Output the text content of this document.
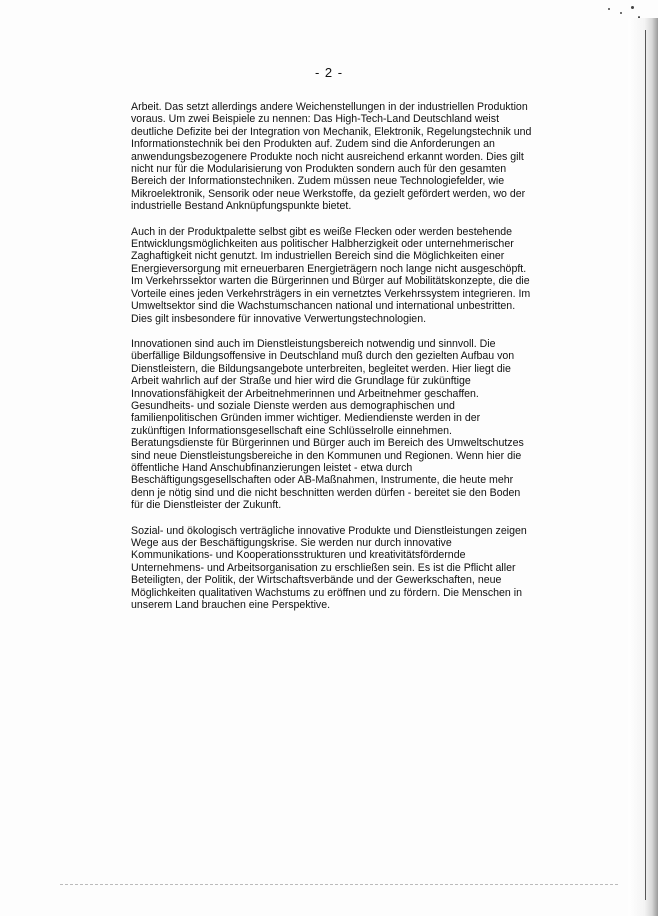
- 2 -

Arbeit. Das setzt allerdings andere Weichenstellungen in der industriellen Produktion
voraus. Um zwei Beispiele zu nennen: Das High-Tech-Land Deutschland weist
deutliche Defizite bei der Integration von Mechanik, Elektronik, Regelungstechnik und
Informationstechnik bei den Produkten auf. Zudem sind die Anforderungen an
anwendungsbezogenere Produkte noch nicht ausreichend erkannt worden. Dies gilt
nicht nur für die Modularisierung von Produkten sondern auch für den gesamten
Bereich der Informationstechniken. Zudem müssen neue Technologiefelder, wie
Mikroelektronik, Sensorik oder neue Werkstoffe, da gezielt gefördert werden, wo der
industrielle Bestand Anknüpfungspunkte bietet.

Auch in der Produktpalette selbst gibt es weiße Flecken oder werden bestehende
Entwicklungsmöglichkeiten aus politischer Halbherzigkeit oder unternehmerischer
Zaghaftigkeit nicht genutzt. Im industriellen Bereich sind die Möglichkeiten einer
Energieversorgung mit erneuerbaren Energieträgern noch lange nicht ausgeschöpft.
Im Verkehrssektor warten die Bürgerinnen und Bürger auf Mobilitätskonzepte, die die
Vorteile eines jeden Verkehrsträgers in ein vernetztes Verkehrssystem integrieren. Im
Umweltsektor sind die Wachstumschancen national und international unbestritten.
Dies gilt insbesondere für innovative Verwertungstechnologien.

Innovationen sind auch im Dienstleistungsbereich notwendig und sinnvoll. Die
überfällige Bildungsoffensive in Deutschland muß durch den gezielten Aufbau von
Dienstleistern, die Bildungsangebote unterbreiten, begleitet werden. Hier liegt die
Arbeit wahrlich auf der Straße und hier wird die Grundlage für zukünftige
Innovationsfähigkeit der Arbeitnehmerinnen und Arbeitnehmer geschaffen.
Gesundheits- und soziale Dienste werden aus demographischen und
familienpolitischen Gründen immer wichtiger. Mediendienste werden in der
zukünftigen Informationsgesellschaft eine Schlüsselrolle einnehmen.
Beratungsdienste für Bürgerinnen und Bürger auch im Bereich des Umweltschutzes
sind neue Dienstleistungsbereiche in den Kommunen und Regionen. Wenn hier die
öffentliche Hand Anschubfinanzierungen leistet - etwa durch
Beschäftigungsgesellschaften oder AB-Maßnahmen, Instrumente, die heute mehr
denn je nötig sind und die nicht beschnitten werden dürfen - bereitet sie den Boden
für die Dienstleister der Zukunft.

Sozial- und ökologisch verträgliche innovative Produkte und Dienstleistungen zeigen
Wege aus der Beschäftigungskrise. Sie werden nur durch innovative
Kommunikations- und Kooperationsstrukturen und kreativitätsfördernde
Unternehmens- und Arbeitsorganisation zu erschließen sein. Es ist die Pflicht aller
Beteiligten, der Politik, der Wirtschaftsverbände und der Gewerkschaften, neue
Möglichkeiten qualitativen Wachstums zu eröffnen und zu fördern. Die Menschen in
unserem Land brauchen eine Perspektive.
